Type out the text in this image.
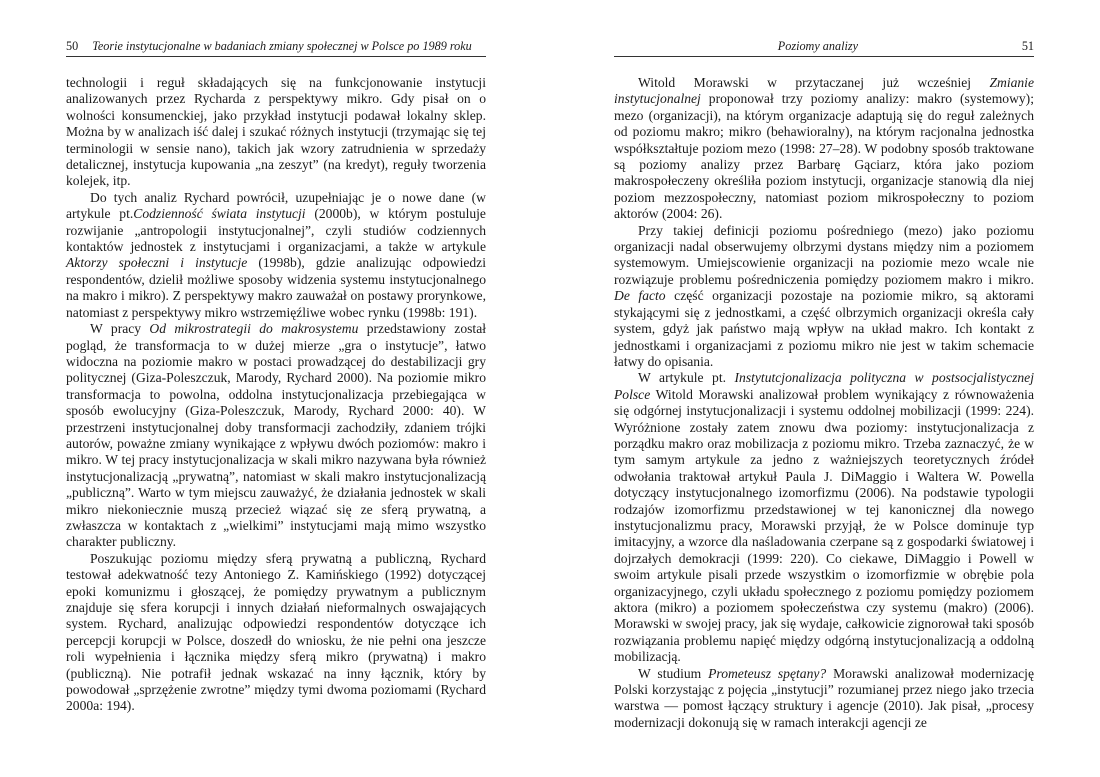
50	Teorie instytucjonalne w badaniach zmiany społecznej w Polsce po 1989 roku

technologii i reguł składających się na funkcjonowanie instytucji analizowanych przez Rycharda z perspektywy mikro. Gdy pisał on o wolności konsumenckiej, jako przykład instytucji podawał lokalny sklep. Można by w analizach iść dalej i szukać różnych instytucji (trzymając się tej terminologii w sensie nano), takich jak wzory zatrudnienia w sprzedaży detalicznej, instytucja kupowania „na zeszyt” (na kredyt), reguły tworzenia kolejek, itp.

Do tych analiz Rychard powrócił, uzupełniając je o nowe dane (w artykule pt.Codzienność świata instytucji (2000b), w którym postuluje rozwijanie „antropologii instytucjonalnej”, czyli studiów codziennych kontaktów jednostek z instytucjami i organizacjami, a także w artykule Aktorzy społeczni i instytucje (1998b), gdzie analizując odpowiedzi respondentów, dzielił możliwe sposoby widzenia systemu instytucjonalnego na makro i mikro). Z perspektywy makro zauważał on postawy prorynkowe, natomiast z perspektywy mikro wstrzemięźliwe wobec rynku (1998b: 191).

W pracy Od mikrostrategii do makrosystemu przedstawiony został pogląd, że transformacja to w dużej mierze „gra o instytucje”, łatwo widoczna na poziomie makro w postaci prowadzącej do destabilizacji gry politycznej (Giza-Poleszczuk, Marody, Rychard 2000). Na poziomie mikro transformacja to powolna, oddolna instytucjonalizacja przebiegająca w sposób ewolucyjny (Giza-Poleszczuk, Marody, Rychard 2000: 40). W przestrzeni instytucjonalnej doby transformacji zachodziły, zdaniem trójki autorów, poważne zmiany wynikające z wpływu dwóch poziomów: makro i mikro. W tej pracy instytucjonalizacja w skali mikro nazywana była również instytucjonalizacją „prywatną”, natomiast w skali makro instytucjonalizacją „publiczną”. Warto w tym miejscu zauważyć, że działania jednostek w skali mikro niekoniecznie muszą przecież wiązać się ze sferą prywatną, a zwłaszcza w kontaktach z „wielkimi” instytucjami mają mimo wszystko charakter publiczny.

Poszukując poziomu między sferą prywatną a publiczną, Rychard testował adekwatność tezy Antoniego Z. Kamińskiego (1992) dotyczącej epoki komunizmu i głoszącej, że pomiędzy prywatnym a publicznym znajduje się sfera korupcji i innych działań nieformalnych oswajających system. Rychard, analizując odpowiedzi respondentów dotyczące ich percepcji korupcji w Polsce, doszedł do wniosku, że nie pełni ona jeszcze roli wypełnienia i łącznika między sferą mikro (prywatną) i makro (publiczną). Nie potrafił jednak wskazać na inny łącznik, który by powodował „sprzężenie zwrotne” między tymi dwoma poziomami (Rychard 2000a: 194).

Poziomy analizy	51

Witold Morawski w przytaczanej już wcześniej Zmianie instytucjonalnej proponował trzy poziomy analizy: makro (systemowy); mezo (organizacji), na którym organizacje adaptują się do reguł zależnych od poziomu makro; mikro (behawioralny), na którym racjonalna jednostka współkształtuje poziom mezo (1998: 27–28). W podobny sposób traktowane są poziomy analizy przez Barbarę Gąciarz, która jako poziom makrospołeczeny określiła poziom instytucji, organizacje stanowią dla niej poziom mezzospołeczny, natomiast poziom mikrospołeczny to poziom aktorów (2004: 26).

Przy takiej definicji poziomu pośredniego (mezo) jako poziomu organizacji nadal obserwujemy olbrzymi dystans między nim a poziomem systemowym. Umiejscowienie organizacji na poziomie mezo wcale nie rozwiązuje problemu pośredniczenia pomiędzy poziomem makro i mikro. De facto część organizacji pozostaje na poziomie mikro, są aktorami stykającymi się z jednostkami, a część olbrzymich organizacji określa cały system, gdyż jak państwo mają wpływ na układ makro. Ich kontakt z jednostkami i organizacjami z poziomu mikro nie jest w takim schemacie łatwy do opisania.

W artykule pt. Instytutcjonalizacja polityczna w postsocjalistycznej Polsce Witold Morawski analizował problem wynikający z równoważenia się odgórnej instytucjonalizacji i systemu oddolnej mobilizacji (1999: 224). Wyróżnione zostały zatem znowu dwa poziomy: instytucjonalizacja z porządku makro oraz mobilizacja z poziomu mikro. Trzeba zaznaczyć, że w tym samym artykule za jedno z ważniejszych teoretycznych źródeł odwołania traktował artykuł Paula J. DiMaggio i Waltera W. Powella dotyczący instytucjonalnego izomorfizmu (2006). Na podstawie typologii rodzajów izomorfizmu przedstawionej w tej kanonicznej dla nowego instytucjonalizmu pracy, Morawski przyjął, że w Polsce dominuje typ imitacyjny, a wzorce dla naśladowania czerpane są z gospodarki światowej i dojrzałych demokracji (1999: 220). Co ciekawe, DiMaggio i Powell w swoim artykule pisali przede wszystkim o izomorfizmie w obrębie pola organizacyjnego, czyli układu społecznego z poziomu pomiędzy poziomem aktora (mikro) a poziomem społeczeństwa czy systemu (makro) (2006). Morawski w swojej pracy, jak się wydaje, całkowicie zignorował taki sposób rozwiązania problemu napięć między odgórną instytucjonalizacją a oddolną mobilizacją.

W studium Prometeusz spętany? Morawski analizował modernizację Polski korzystając z pojęcia „instytucji” rozumianej przez niego jako trzecia warstwa — pomost łączący struktury i agencje (2010). Jak pisał, „procesy modernizacji dokonują się w ramach interakcji agencji ze
